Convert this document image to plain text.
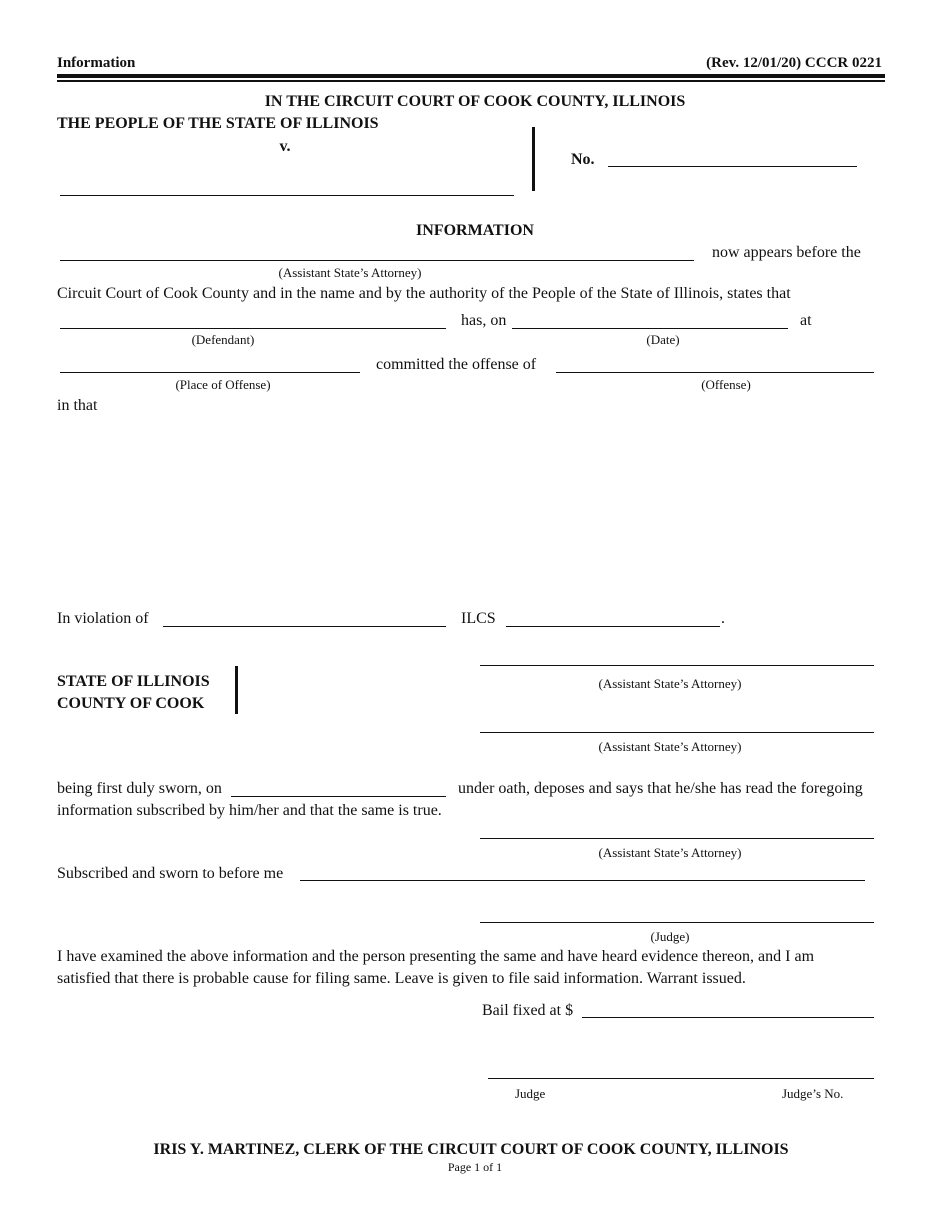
Information	(Rev. 12/01/20) CCCR 0221
IN THE CIRCUIT COURT OF COOK COUNTY, ILLINOIS
THE PEOPLE OF THE STATE OF ILLINOIS
v.
No.
INFORMATION
now appears before the
(Assistant State’s Attorney)
Circuit Court of Cook County and in the name and by the authority of the People of the State of Illinois, states that
has, on	at
(Defendant)	(Date)
committed the offense of
(Place of Offense)	(Offense)
in that
In violation of	ILCS	.
STATE OF ILLINOIS
COUNTY OF COOK
(Assistant State’s Attorney)
(Assistant State’s Attorney)
being first duly sworn, on	under oath, deposes and says that he/she has read the foregoing
information subscribed by him/her and that the same is true.
(Assistant State’s Attorney)
Subscribed and sworn to before me
(Judge)
I have examined the above information and the person presenting the same and have heard evidence thereon, and I am
satisfied that there is probable cause for filing same. Leave is given to file said information. Warrant issued.
Bail fixed at $
Judge	Judge’s No.
IRIS Y. MARTINEZ, CLERK OF THE CIRCUIT COURT OF COOK COUNTY, ILLINOIS
Page 1 of 1
